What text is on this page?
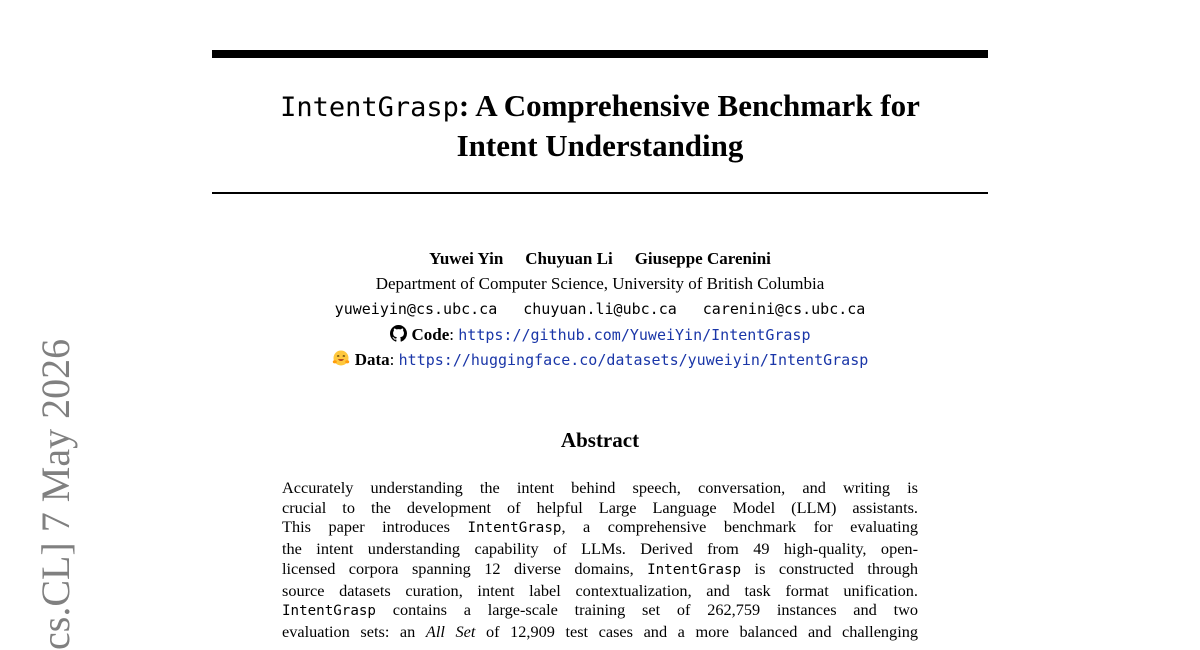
IntentGrasp: A Comprehensive Benchmark for
Intent Understanding
Yuwei Yin Chuyuan Li Giuseppe Carenini
Department of Computer Science, University of British Columbia
yuweiyin@cs.ubc.ca chuyuan.li@ubc.ca carenini@cs.ubc.ca
Code: https://github.com/YuweiYin/IntentGrasp
Data: https://huggingface.co/datasets/yuweiyin/IntentGrasp
Abstract

Accurately understanding the intent behind speech, conversation, and writing is

crucial to the development of helpful Large Language Model (LLM) assistants.

This paper introduces IntentGrasp, a comprehensive benchmark for evaluating

the intent understanding capability of LLMs. Derived from 49 high-quality, open-

licensed corpora spanning 12 diverse domains, IntentGrasp is constructed through

source datasets curation, intent label contextualization, and task format unification.

IntentGrasp contains a large-scale training set of 262,759 instances and two

evaluation sets: an All Set of 12,909 test cases and a more balanced and challenging

cs.CL] 7 May 2026
